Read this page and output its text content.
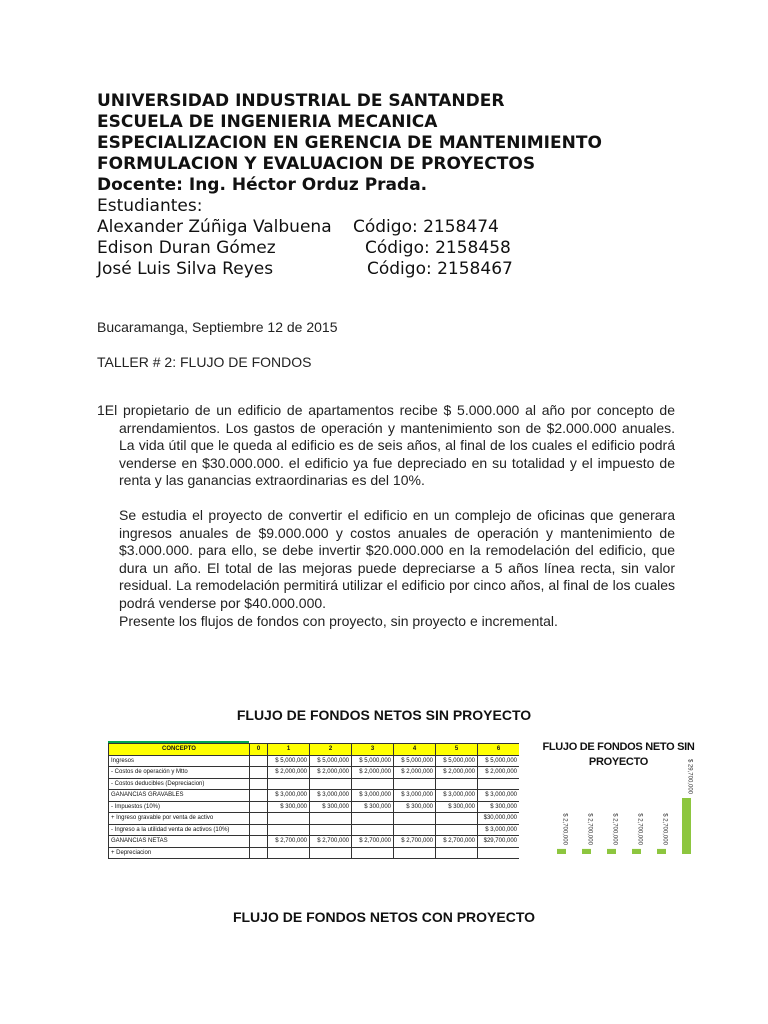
UNIVERSIDAD INDUSTRIAL DE SANTANDER

ESCUELA DE INGENIERIA MECANICA

ESPECIALIZACION EN GERENCIA DE MANTENIMIENTO

FORMULACION Y EVALUACION DE PROYECTOS

Docente: Ing. Héctor Orduz Prada.

Estudiantes:

Alexander Zúñiga Valbuena	Código: 2158474
Edison Duran Gómez	Código: 2158458
José Luis Silva Reyes	Código: 2158467
Bucaramanga, Septiembre 12 de 2015
TALLER # 2: FLUJO DE FONDOS

1El propietario de un edificio de apartamentos recibe $ 5.000.000 al año por concepto de arrendamientos. Los gastos de operación y mantenimiento son de $2.000.000 anuales. La vida útil que le queda al edificio es de seis años, al final de los cuales el edificio podrá venderse en $30.000.000. el edificio ya fue depreciado en su totalidad y el impuesto de renta y las ganancias extraordinarias es del 10%.

Se estudia el proyecto de convertir el edificio en un complejo de oficinas que generara ingresos anuales de $9.000.000 y costos anuales de operación y mantenimiento de $3.000.000. para ello, se debe invertir $20.000.000 en la remodelación del edificio, que dura un año. El total de las mejoras puede depreciarse a 5 años línea recta, sin valor residual. La remodelación permitirá utilizar el edificio por cinco años, al final de los cuales podrá venderse por $40.000.000.

Presente los flujos de fondos con proyecto, sin proyecto e incremental.

FLUJO DE FONDOS NETOS SIN PROYECTO
CONCEPTO	0	1	2	3	4	5	6
Ingresos		$ 5,000,000	$ 5,000,000	$ 5,000,000	$ 5,000,000	$ 5,000,000	$ 5,000,000
- Costos de operación y Mtto		$ 2,000,000	$ 2,000,000	$ 2,000,000	$ 2,000,000	$ 2,000,000	$ 2,000,000
- Costos deducibles (Depreciacion)							
GANANCIAS GRAVABLES		$ 3,000,000	$ 3,000,000	$ 3,000,000	$ 3,000,000	$ 3,000,000	$ 3,000,000
- Impuestos (10%)		$ 300,000	$ 300,000	$ 300,000	$ 300,000	$ 300,000	$ 300,000
+ Ingreso gravable por venta de activo							$30,000,000
- Ingreso a la utilidad venta de activos (10%)							$ 3,000,000
GANANCIAS NETAS		$ 2,700,000	$ 2,700,000	$ 2,700,000	$ 2,700,000	$ 2,700,000	$29,700,000
+ Depreciacion							
FLUJO DE FONDOS NETO SIN PROYECTO
$ 2,700,000	$ 2,700,000	$ 2,700,000	$ 2,700,000	$ 2,700,000
$ 29,700,000
FLUJO DE FONDOS NETOS CON PROYECTO
